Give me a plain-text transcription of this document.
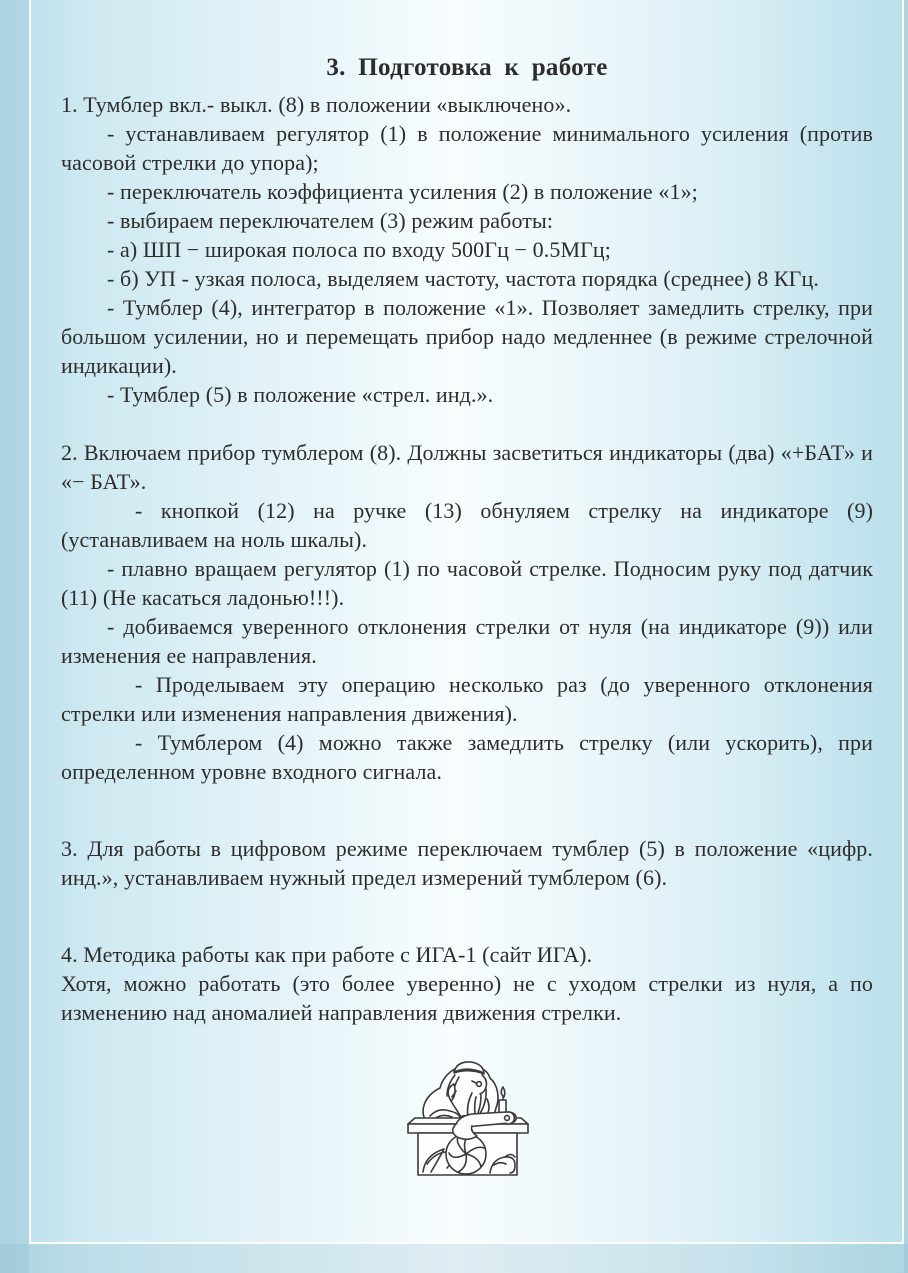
3. Подготовка к работе

1. Тумблер вкл.- выкл. (8) в положении «выключено».

- устанавливаем регулятор (1) в положение минимального усиления (против часовой стрелки до упора);

- переключатель коэффициента усиления (2) в положение «1»;

- выбираем переключателем (3) режим работы:

- а) ШП − широкая полоса по входу 500Гц − 0.5МГц;

- б) УП - узкая полоса, выделяем частоту, частота порядка (среднее) 8 КГц.

- Тумблер (4), интегратор в положение «1». Позволяет замедлить стрелку, при большом усилении, но и перемещать прибор надо медленнее (в режиме стрелочной индикации).

- Тумблер (5) в положение «стрел. инд.».

2. Включаем прибор тумблером (8). Должны засветиться индикаторы (два) «+БАТ» и «− БАТ».

- кнопкой (12) на ручке (13) обнуляем стрелку на индикаторе (9) (устанавливаем на ноль шкалы).

- плавно вращаем регулятор (1) по часовой стрелке. Подносим руку под датчик (11) (Не касаться ладонью!!!).

- добиваемся уверенного отклонения стрелки от нуля (на индикаторе (9)) или изменения ее направления.

- Проделываем эту операцию несколько раз (до уверенного отклонения стрелки или изменения направления движения).

- Тумблером (4) можно также замедлить стрелку (или ускорить), при определенном уровне входного сигнала.

3. Для работы в цифровом режиме переключаем тумблер (5) в положение «цифр. инд.», устанавливаем нужный предел измерений тумблером (6).

4. Методика работы как при работе с ИГА-1 (сайт ИГА).

Хотя, можно работать (это более уверенно) не с уходом стрелки из нуля, а по изменению над аномалией направления движения стрелки.
